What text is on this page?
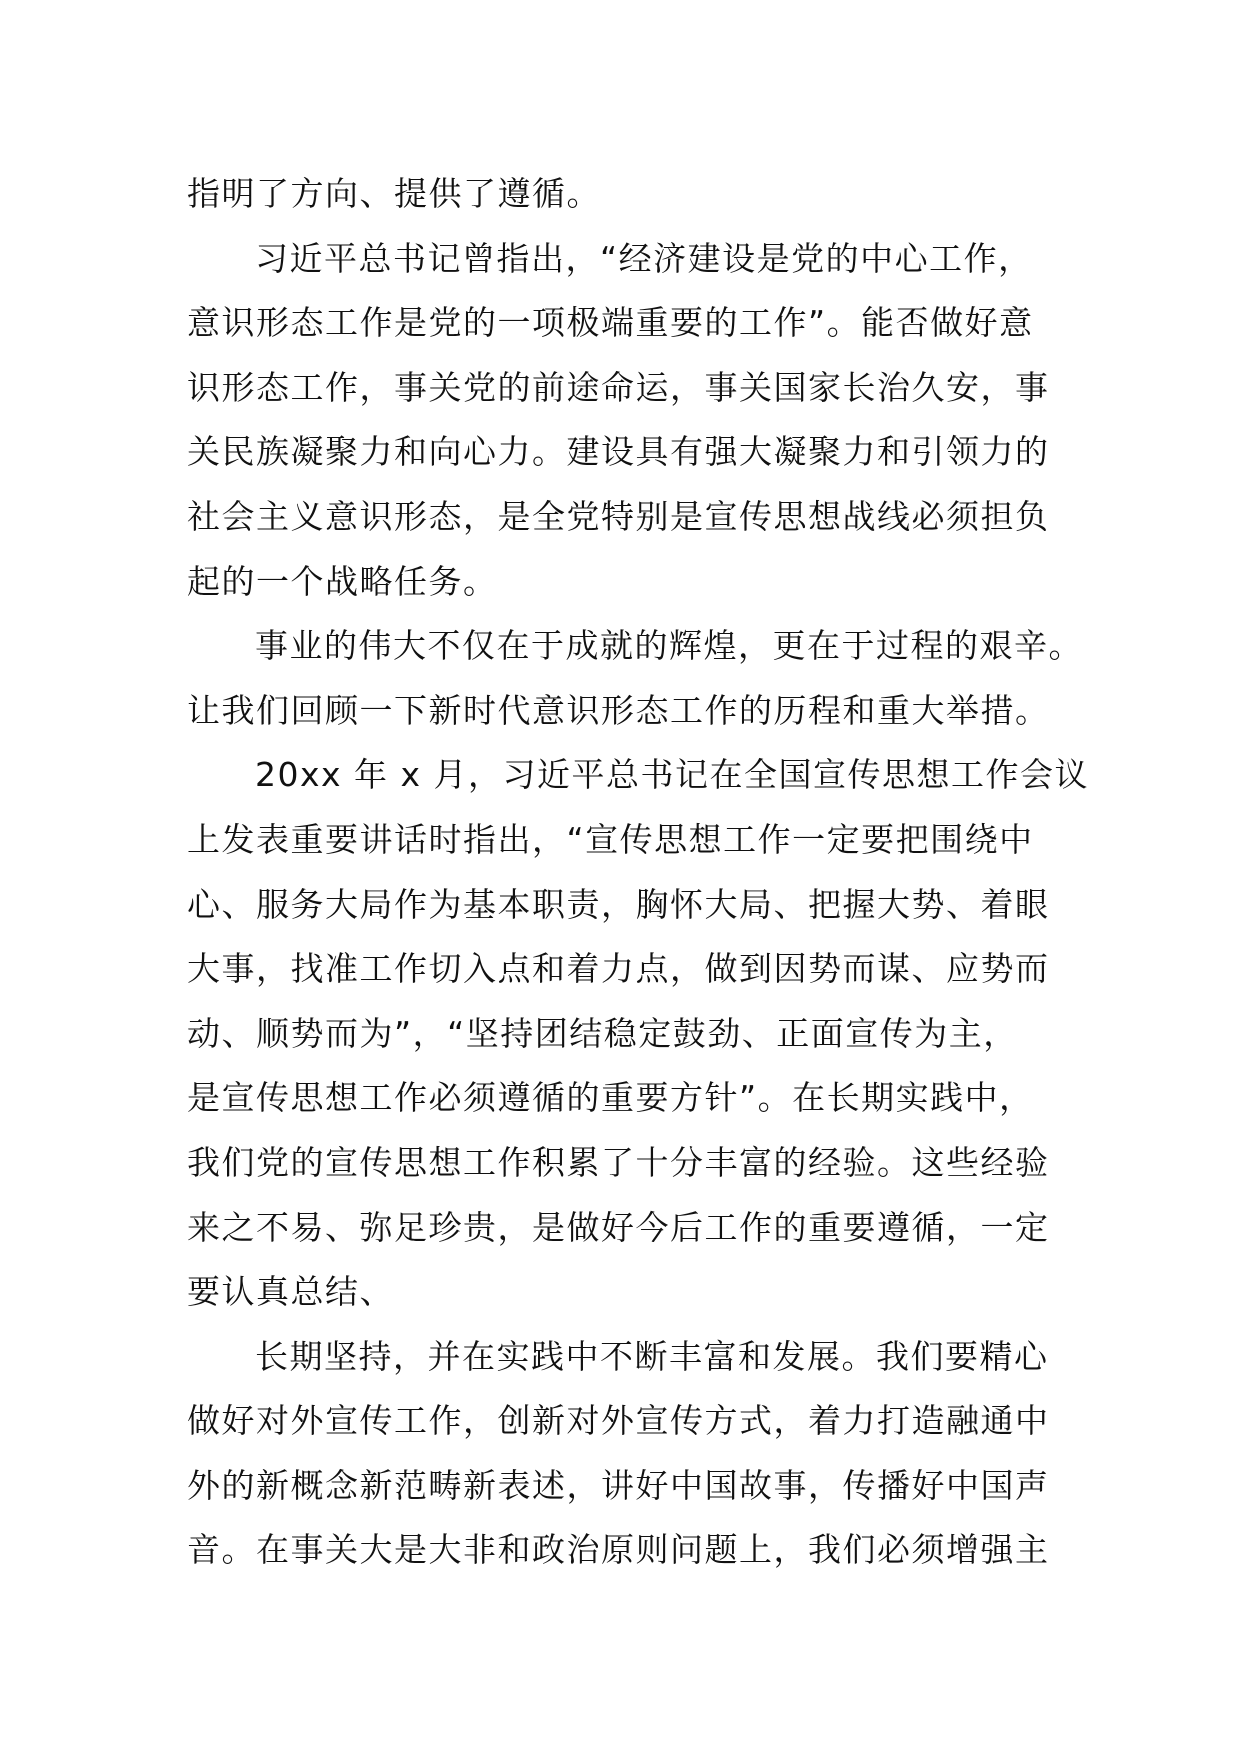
指明了方向、提供了遵循。
习近平总书记曾指出，“经济建设是党的中心工作，
意识形态工作是党的一项极端重要的工作”。能否做好意
识形态工作，事关党的前途命运，事关国家长治久安，事
关民族凝聚力和向心力。建设具有强大凝聚力和引领力的
社会主义意识形态，是全党特别是宣传思想战线必须担负
起的一个战略任务。
事业的伟大不仅在于成就的辉煌，更在于过程的艰辛。
让我们回顾一下新时代意识形态工作的历程和重大举措。
20xx 年 x 月，习近平总书记在全国宣传思想工作会议
上发表重要讲话时指出，“宣传思想工作一定要把围绕中
心、服务大局作为基本职责，胸怀大局、把握大势、着眼
大事，找准工作切入点和着力点，做到因势而谋、应势而
动、顺势而为”，“坚持团结稳定鼓劲、正面宣传为主，
是宣传思想工作必须遵循的重要方针”。在长期实践中，
我们党的宣传思想工作积累了十分丰富的经验。这些经验
来之不易、弥足珍贵，是做好今后工作的重要遵循，一定
要认真总结、
长期坚持，并在实践中不断丰富和发展。我们要精心
做好对外宣传工作，创新对外宣传方式，着力打造融通中
外的新概念新范畴新表述，讲好中国故事，传播好中国声
音。在事关大是大非和政治原则问题上，我们必须增强主
